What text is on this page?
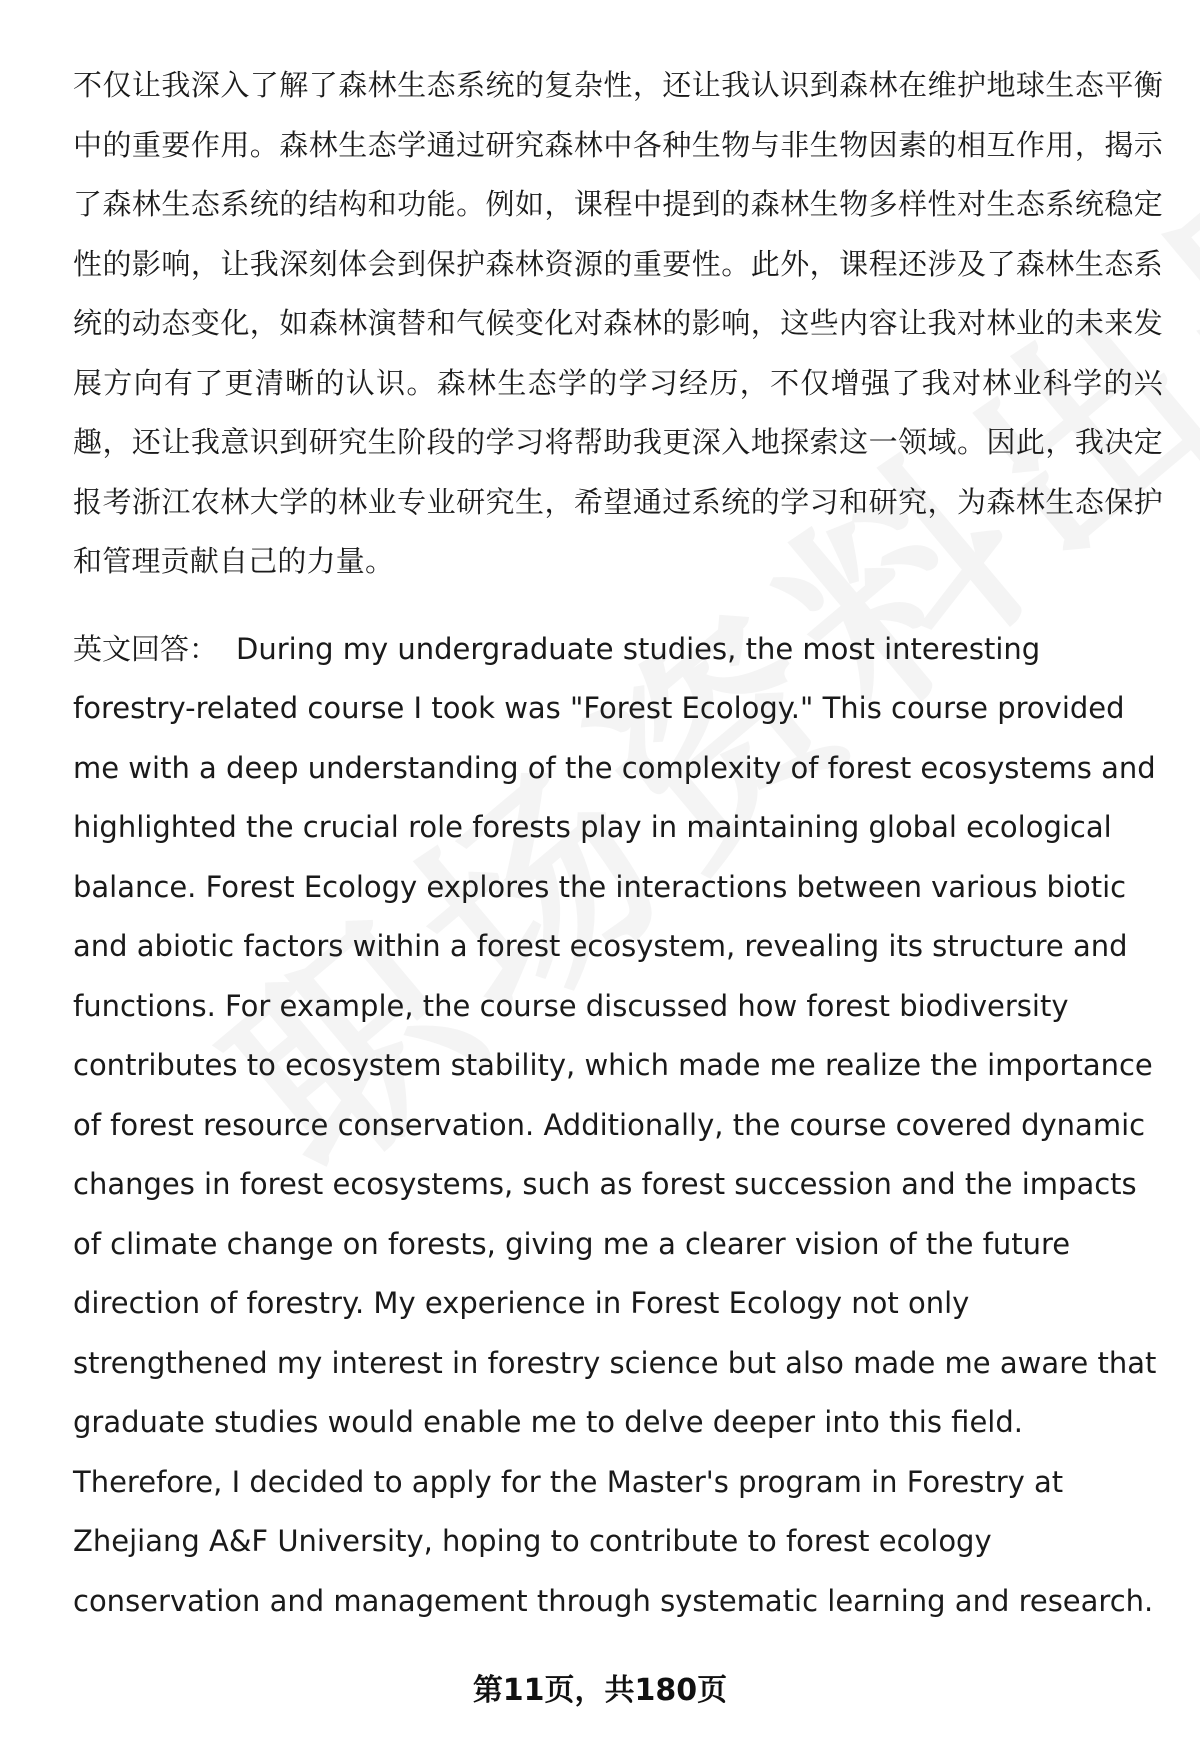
不仅让我深入了解了森林生态系统的复杂性，还让我认识到森林在维护地球生态平衡中的重要作用。森林生态学通过研究森林中各种生物与非生物因素的相互作用，揭示了森林生态系统的结构和功能。例如，课程中提到的森林生物多样性对生态系统稳定性的影响，让我深刻体会到保护森林资源的重要性。此外，课程还涉及了森林生态系统的动态变化，如森林演替和气候变化对森林的影响，这些内容让我对林业的未来发展方向有了更清晰的认识。森林生态学的学习经历，不仅增强了我对林业科学的兴趣，还让我意识到研究生阶段的学习将帮助我更深入地探索这一领域。因此，我决定报考浙江农林大学的林业专业研究生，希望通过系统的学习和研究，为森林生态保护和管理贡献自己的力量。

英文回答： During my undergraduate studies, the most interesting forestry-related course I took was "Forest Ecology." This course provided me with a deep understanding of the complexity of forest ecosystems and highlighted the crucial role forests play in maintaining global ecological balance. Forest Ecology explores the interactions between various biotic and abiotic factors within a forest ecosystem, revealing its structure and functions. For example, the course discussed how forest biodiversity contributes to ecosystem stability, which made me realize the importance of forest resource conservation. Additionally, the course covered dynamic changes in forest ecosystems, such as forest succession and the impacts of climate change on forests, giving me a clearer vision of the future direction of forestry. My experience in Forest Ecology not only strengthened my interest in forestry science but also made me aware that graduate studies would enable me to delve deeper into this field. Therefore, I decided to apply for the Master's program in Forestry at Zhejiang A&F University, hoping to contribute to forest ecology conservation and management through systematic learning and research.

第11页，共180页
